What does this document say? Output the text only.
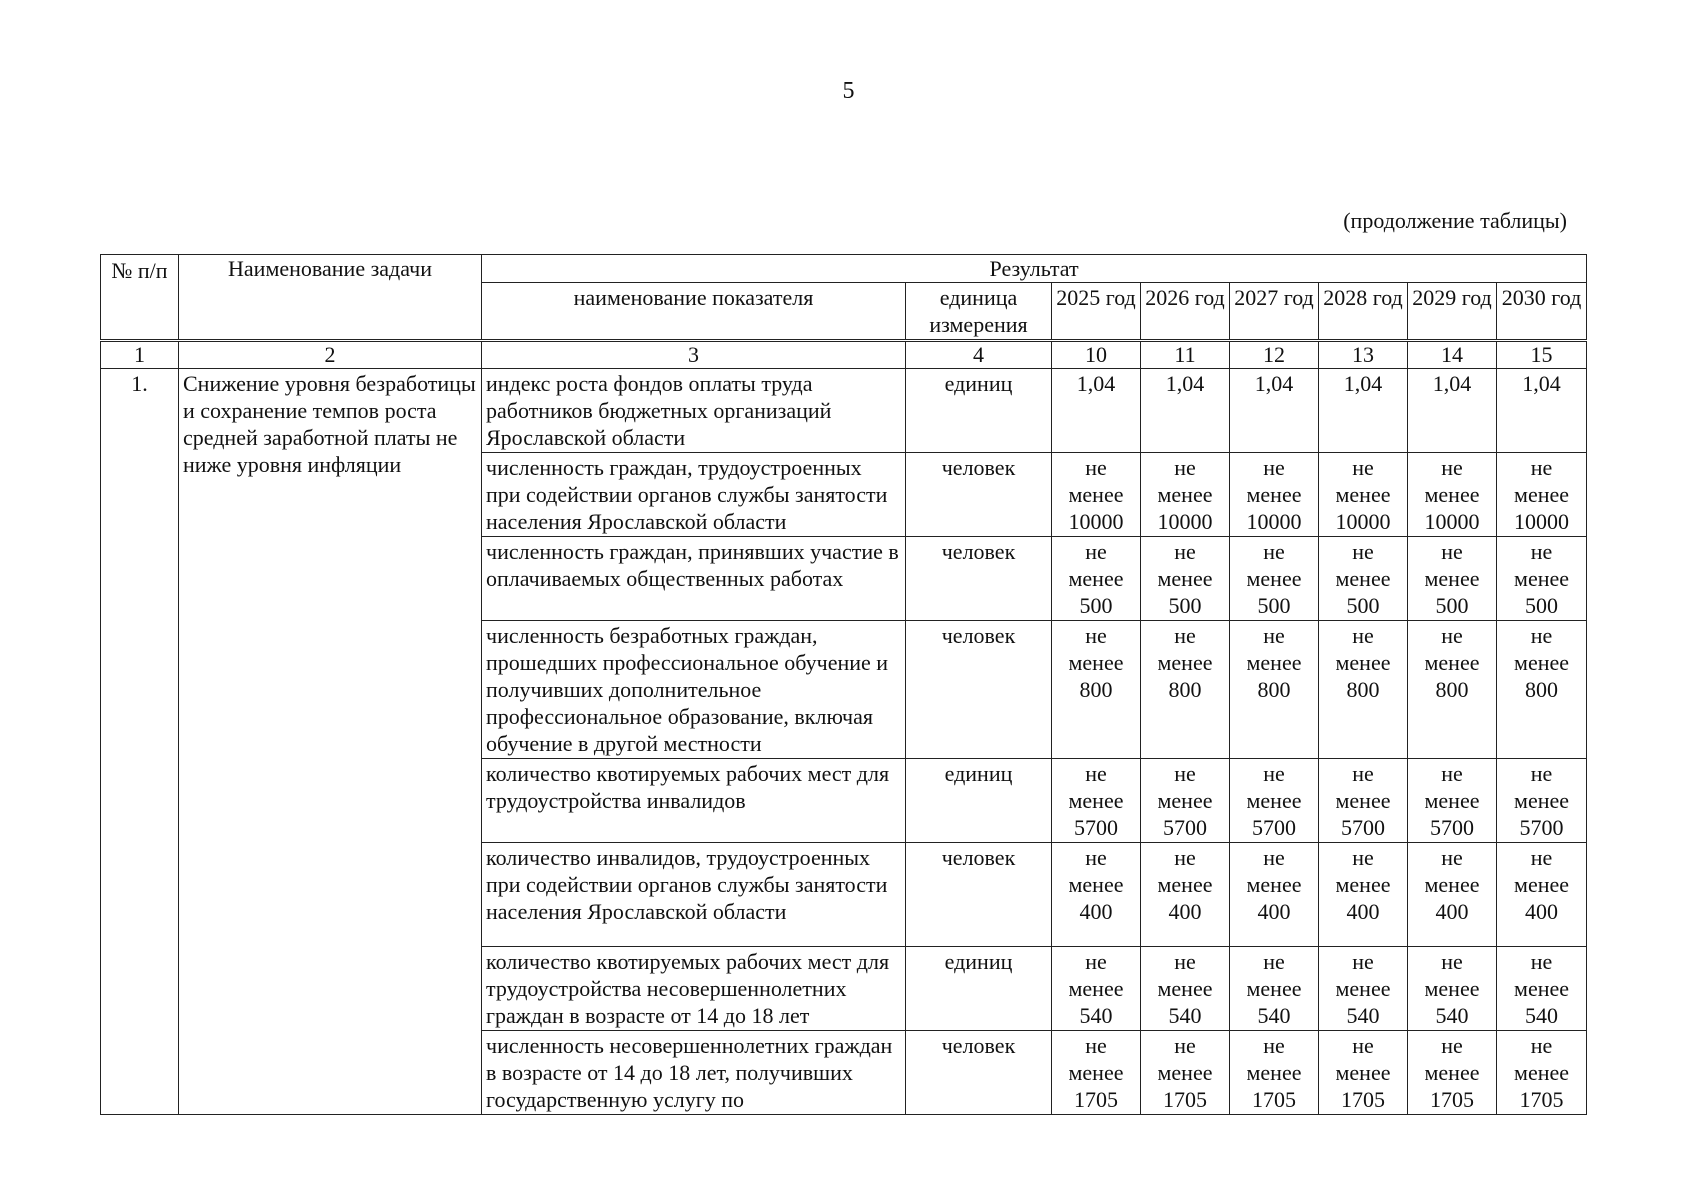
5
(продолжение таблицы)
№ п/п	Наименование задачи	Результат							
		наименование показателя	единица измерения	2025 год	2026 год	2027 год	2028 год	2029 год	2030 год
1	2	3	4	10	11	12	13	14	15
1.	Снижение уровня безработицы и сохранение темпов роста средней заработной платы не ниже уровня инфляции	индекс роста фондов оплаты труда работников бюджетных организаций Ярославской области	единиц	1,04	1,04	1,04	1,04	1,04	1,04
		численность граждан, трудоустроенных при содействии органов службы занятости населения Ярославской области	человек	не менее 10000	не менее 10000	не менее 10000	не менее 10000	не менее 10000	не менее 10000
		численность граждан, принявших участие в оплачиваемых общественных работах	человек	не менее 500	не менее 500	не менее 500	не менее 500	не менее 500	не менее 500
		численность безработных граждан, прошедших профессиональное обучение и получивших дополнительное профессиональное образование, включая обучение в другой местности	человек	не менее 800	не менее 800	не менее 800	не менее 800	не менее 800	не менее 800
		количество квотируемых рабочих мест для трудоустройства инвалидов	единиц	не менее 5700	не менее 5700	не менее 5700	не менее 5700	не менее 5700	не менее 5700
		количество инвалидов, трудоустроенных при содействии органов службы занятости населения Ярославской области	человек	не менее 400	не менее 400	не менее 400	не менее 400	не менее 400	не менее 400
		количество квотируемых рабочих мест для трудоустройства несовершеннолетних граждан в возрасте от 14 до 18 лет	единиц	не менее 540	не менее 540	не менее 540	не менее 540	не менее 540	не менее 540
		численность несовершеннолетних граждан в возрасте от 14 до 18 лет, получивших государственную услугу по	человек	не менее 1705	не менее 1705	не менее 1705	не менее 1705	не менее 1705	не менее 1705
